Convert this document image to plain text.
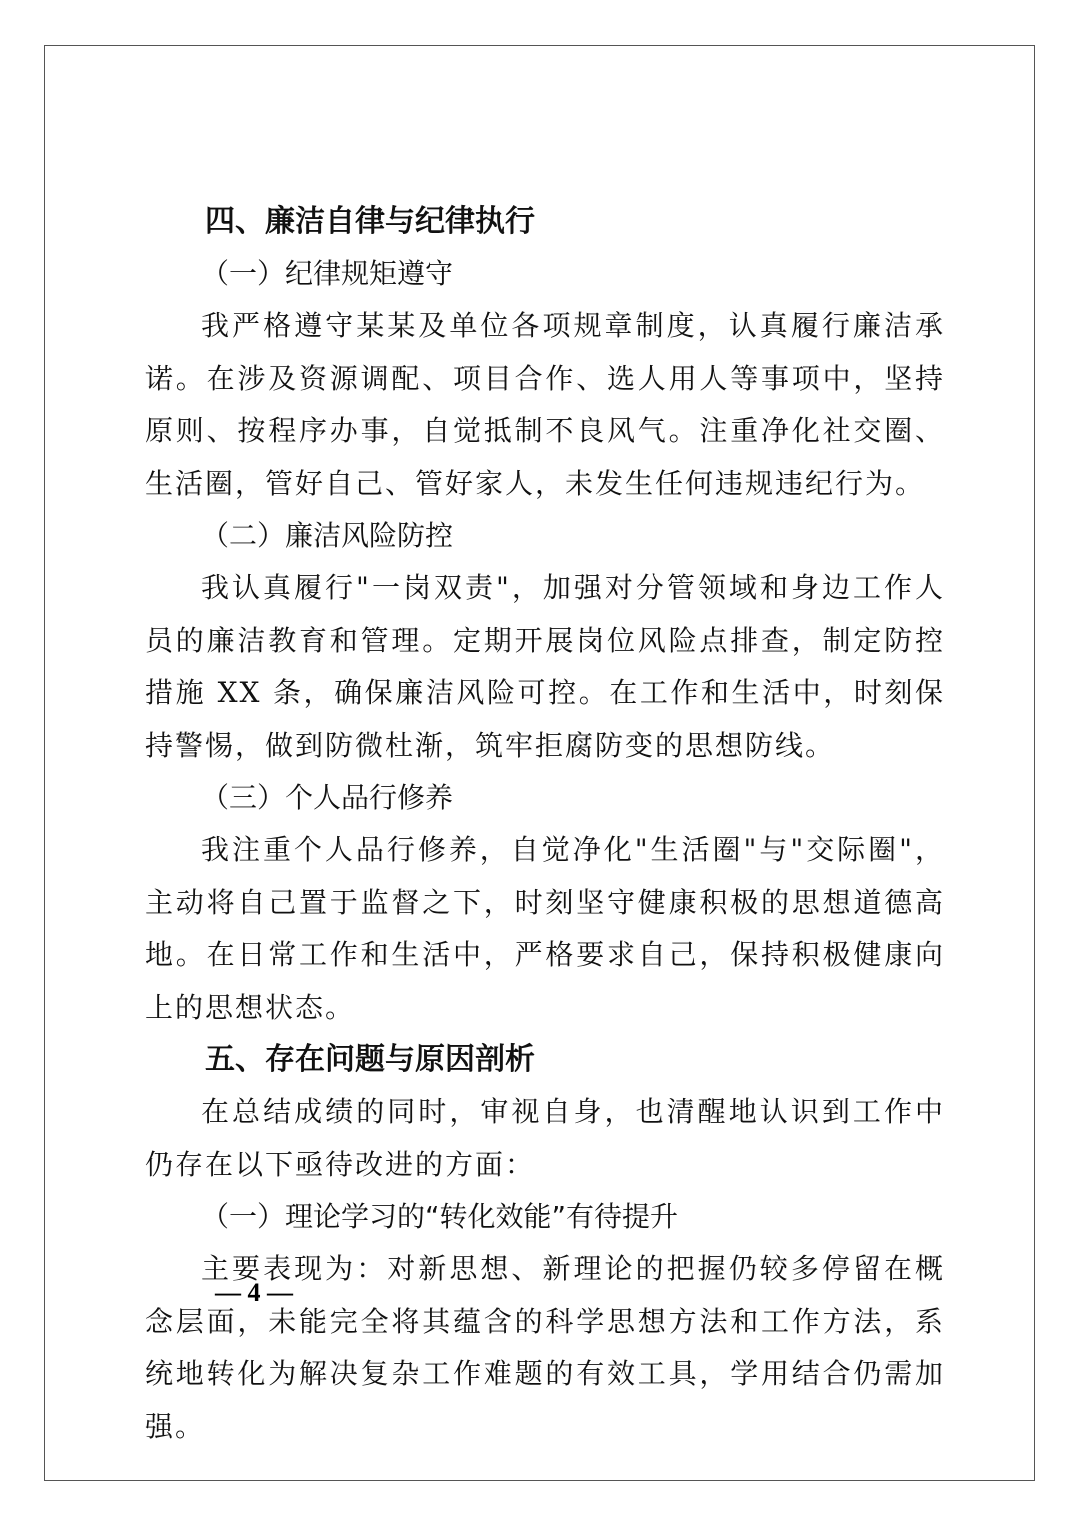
四、廉洁自律与纪律执行

（一）纪律规矩遵守

我严格遵守某某及单位各项规章制度，认真履行廉洁承诺。在涉及资源调配、项目合作、选人用人等事项中，坚持原则、按程序办事，自觉抵制不良风气。注重净化社交圈、生活圈，管好自己、管好家人，未发生任何违规违纪行为。

（二）廉洁风险防控

我认真履行"一岗双责"，加强对分管领域和身边工作人员的廉洁教育和管理。定期开展岗位风险点排查，制定防控措施 XX 条，确保廉洁风险可控。在工作和生活中，时刻保持警惕，做到防微杜渐，筑牢拒腐防变的思想防线。

（三）个人品行修养

我注重个人品行修养，自觉净化"生活圈"与"交际圈"，主动将自己置于监督之下，时刻坚守健康积极的思想道德高地。在日常工作和生活中，严格要求自己，保持积极健康向上的思想状态。

五、存在问题与原因剖析

在总结成绩的同时，审视自身，也清醒地认识到工作中仍存在以下亟待改进的方面：

（一）理论学习的“转化效能”有待提升

主要表现为：对新思想、新理论的把握仍较多停留在概念层面，未能完全将其蕴含的科学思想方法和工作方法，系统地转化为解决复杂工作难题的有效工具，学用结合仍需加强。

— 4 —
